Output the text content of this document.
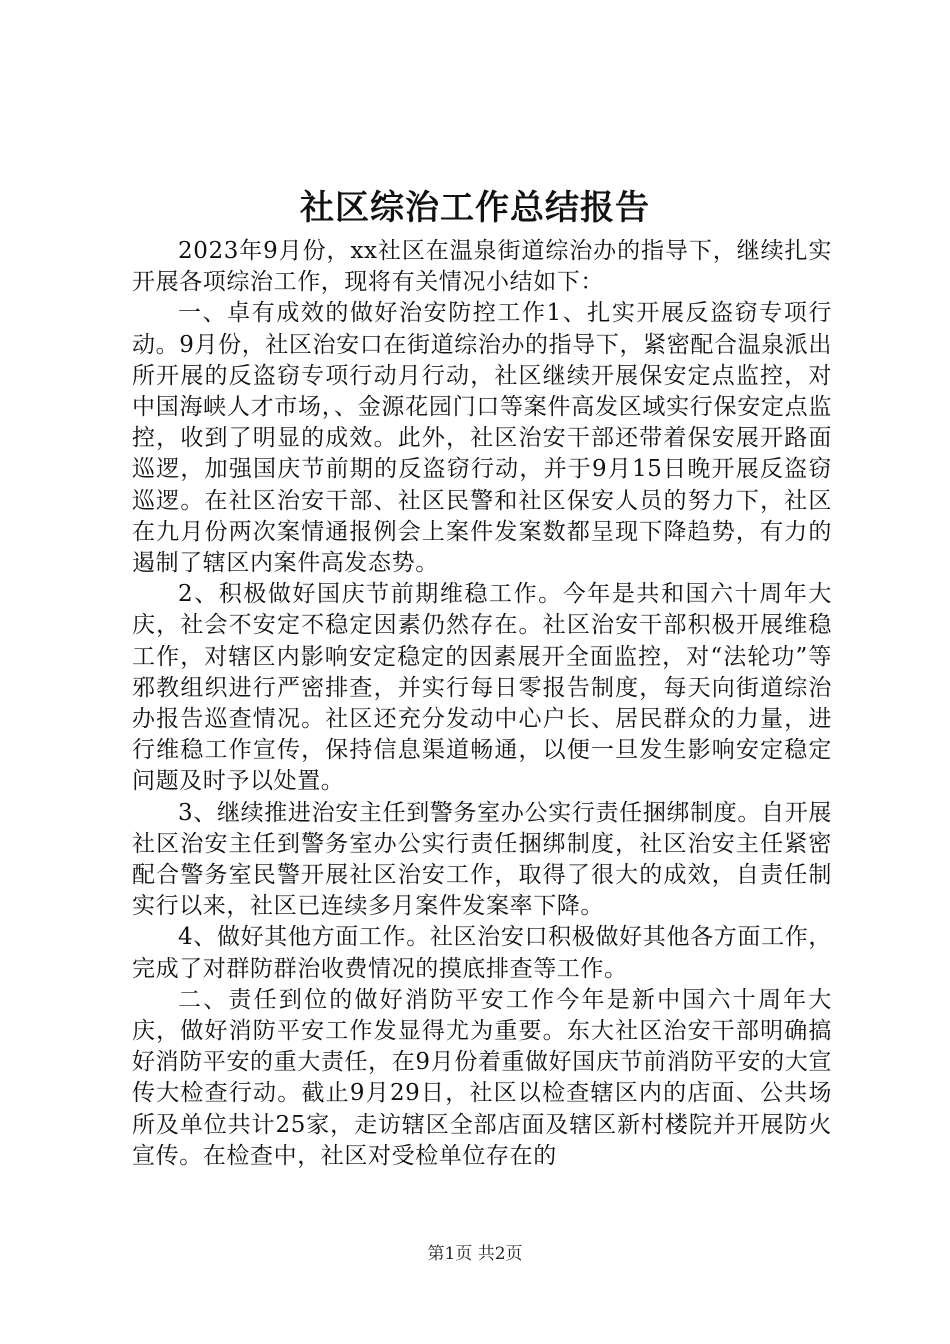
社区综治工作总结报告

2023年9月份，xx社区在温泉街道综治办的指导下，继续扎实开展各项综治工作，现将有关情况小结如下：

一、卓有成效的做好治安防控工作1、扎实开展反盗窃专项行动。9月份，社区治安口在街道综治办的指导下，紧密配合温泉派出所开展的反盗窃专项行动月行动，社区继续开展保安定点监控，对中国海峡人才市场，、金源花园门口等案件高发区域实行保安定点监控，收到了明显的成效。此外，社区治安干部还带着保安展开路面巡逻，加强国庆节前期的反盗窃行动，并于9月15日晚开展反盗窃巡逻。在社区治安干部、社区民警和社区保安人员的努力下，社区在九月份两次案情通报例会上案件发案数都呈现下降趋势，有力的遏制了辖区内案件高发态势。

2、积极做好国庆节前期维稳工作。今年是共和国六十周年大庆，社会不安定不稳定因素仍然存在。社区治安干部积极开展维稳工作，对辖区内影响安定稳定的因素展开全面监控，对“法轮功”等邪教组织进行严密排查，并实行每日零报告制度，每天向街道综治办报告巡查情况。社区还充分发动中心户长、居民群众的力量，进行维稳工作宣传，保持信息渠道畅通，以便一旦发生影响安定稳定问题及时予以处置。

3、继续推进治安主任到警务室办公实行责任捆绑制度。自开展社区治安主任到警务室办公实行责任捆绑制度，社区治安主任紧密配合警务室民警开展社区治安工作，取得了很大的成效，自责任制实行以来，社区已连续多月案件发案率下降。

4、做好其他方面工作。社区治安口积极做好其他各方面工作，完成了对群防群治收费情况的摸底排查等工作。

二、责任到位的做好消防平安工作今年是新中国六十周年大庆，做好消防平安工作发显得尤为重要。东大社区治安干部明确搞好消防平安的重大责任，在9月份着重做好国庆节前消防平安的大宣传大检查行动。截止9月29日，社区以检查辖区内的店面、公共场所及单位共计25家，走访辖区全部店面及辖区新村楼院并开展防火宣传。在检查中，社区对受检单位存在的

第1页 共2页
